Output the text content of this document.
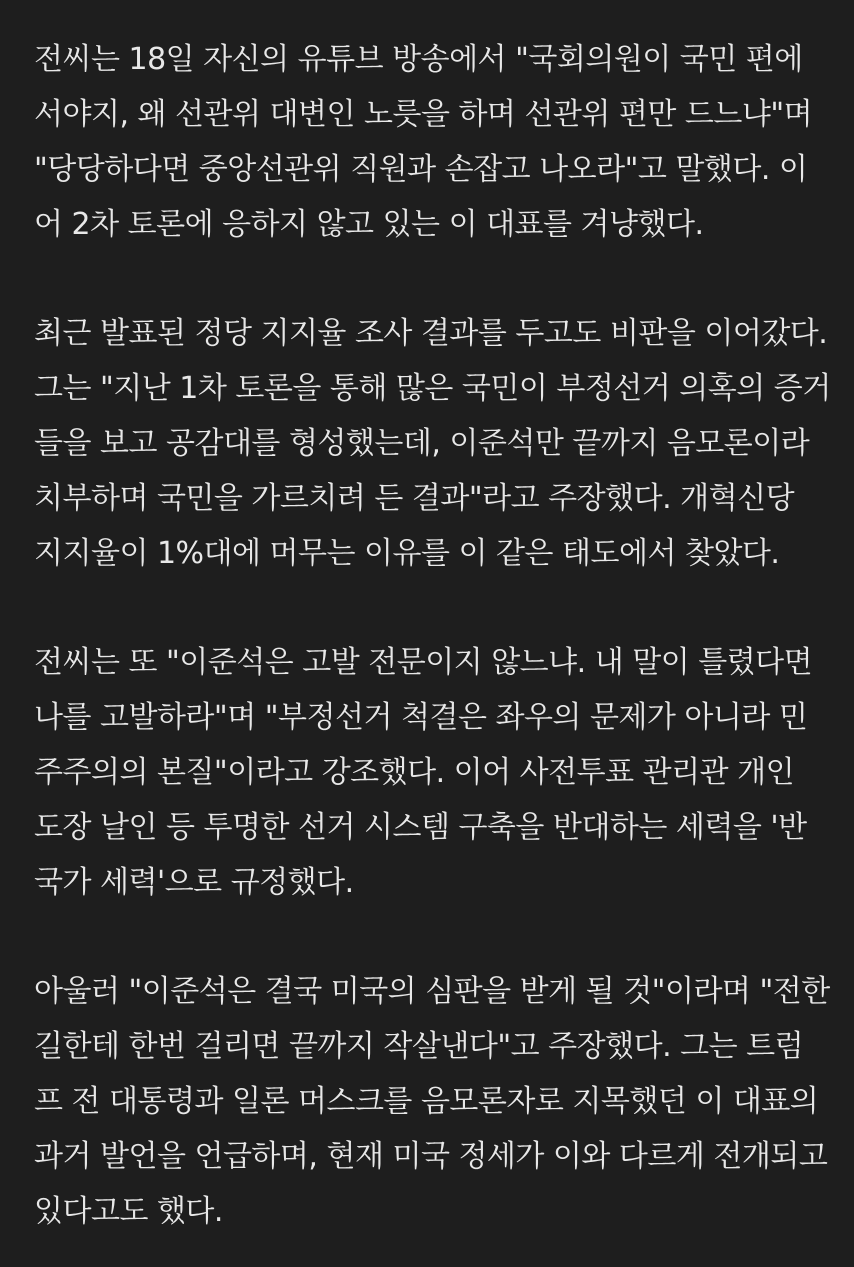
전씨는 18일 자신의 유튜브 방송에서 "국회의원이 국민 편에
서야지, 왜 선관위 대변인 노릇을 하며 선관위 편만 드느냐"며
"당당하다면 중앙선관위 직원과 손잡고 나오라"고 말했다. 이
어 2차 토론에 응하지 않고 있는 이 대표를 겨냥했다.
최근 발표된 정당 지지율 조사 결과를 두고도 비판을 이어갔다.
그는 "지난 1차 토론을 통해 많은 국민이 부정선거 의혹의 증거
들을 보고 공감대를 형성했는데, 이준석만 끝까지 음모론이라
치부하며 국민을 가르치려 든 결과"라고 주장했다. 개혁신당
지지율이 1%대에 머무는 이유를 이 같은 태도에서 찾았다.
전씨는 또 "이준석은 고발 전문이지 않느냐. 내 말이 틀렸다면
나를 고발하라"며 "부정선거 척결은 좌우의 문제가 아니라 민
주주의의 본질"이라고 강조했다. 이어 사전투표 관리관 개인
도장 날인 등 투명한 선거 시스템 구축을 반대하는 세력을 '반
국가 세력'으로 규정했다.
아울러 "이준석은 결국 미국의 심판을 받게 될 것"이라며 "전한
길한테 한번 걸리면 끝까지 작살낸다"고 주장했다. 그는 트럼
프 전 대통령과 일론 머스크를 음모론자로 지목했던 이 대표의
과거 발언을 언급하며, 현재 미국 정세가 이와 다르게 전개되고
있다고도 했다.
